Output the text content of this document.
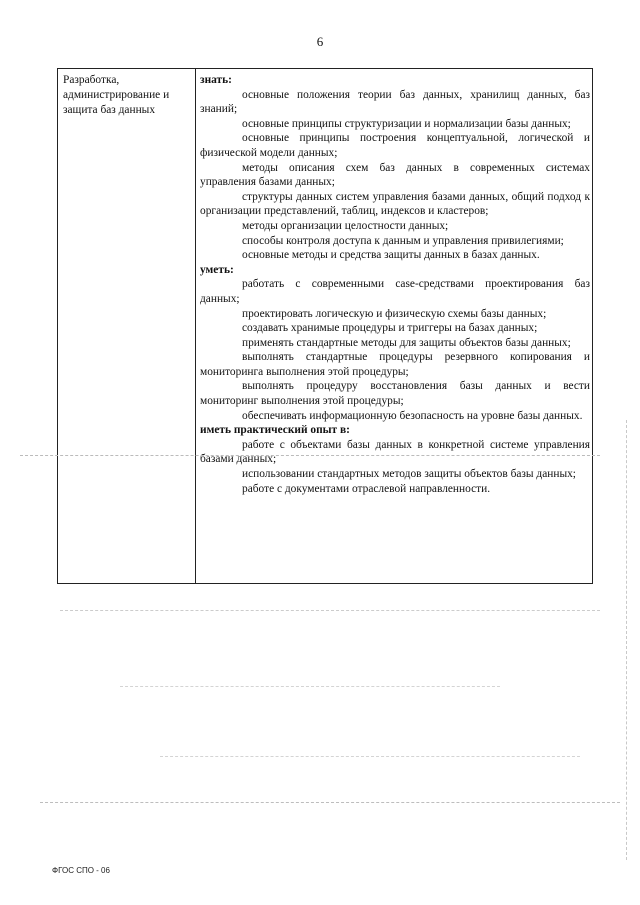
6
Разработка, администрирование и защита баз данных

знать:

основные положения теории баз данных, хранилищ данных, баз знаний;

основные принципы структуризации и нормализации базы данных;

основные принципы построения концептуальной, логической и физической модели данных;

методы описания схем баз данных в современных системах управления базами данных;

структуры данных систем управления базами данных, общий подход к организации представлений, таблиц, индексов и кластеров;

методы организации целостности данных;

способы контроля доступа к данным и управления привилегиями;

основные методы и средства защиты данных в базах данных.

уметь:

работать с современными case-средствами проектирования баз данных;

проектировать логическую и физическую схемы базы данных;

создавать хранимые процедуры и триггеры на базах данных;

применять стандартные методы для защиты объектов базы данных;

выполнять стандартные процедуры резервного копирования и мониторинга выполнения этой процедуры;

выполнять процедуру восстановления базы данных и вести мониторинг выполнения этой процедуры;

обеспечивать информационную безопасность на уровне базы данных.

иметь практический опыт в:

работе с объектами базы данных в конкретной системе управления базами данных;

использовании стандартных методов защиты объектов базы данных;

работе с документами отраслевой направленности.

ФГОС СПО - 06
